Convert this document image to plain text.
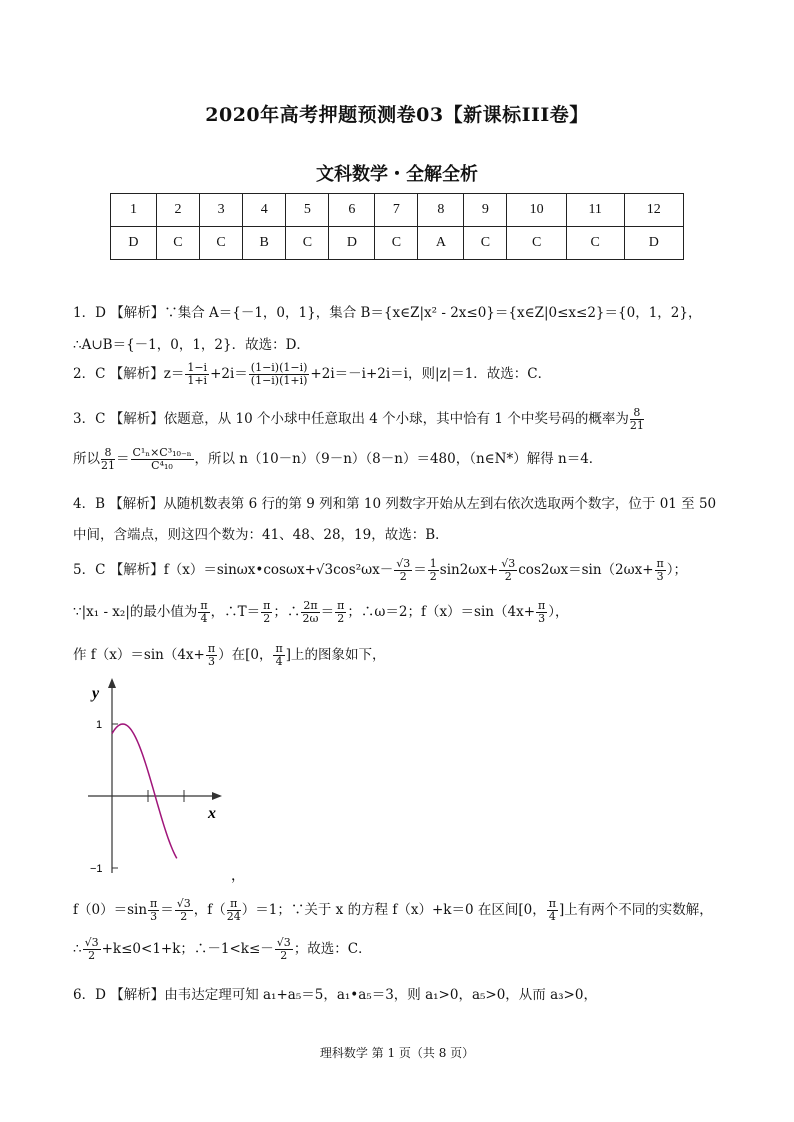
2020年高考押题预测卷03【新课标III卷】
文科数学・全解全析
1	2	3	4	5	6	7	8	9	10	11	12
D	C	C	B	C	D	C	A	C	C	C	D
1．D 【解析】∵集合 A＝{－1，0，1}，集合 B＝{x∈Z|x² - 2x≤0}＝{x∈Z|0≤x≤2}＝{0，1，2}，
∴A∪B＝{－1，0，1，2}．故选：D．
2．C 【解析】$z= \frac{1-i}{1+i} +2i= \frac{(1-i)(1-i)}{(1-i)(1+i)} +2i=-i+2i=i$，则|z|＝1．故选：C．
3．C 【解析】依题意，从 10 个小球中任意取出 4 个小球，其中恰有 1 个中奖号码的概率为 $\frac{8}{21}$
所以 $\frac{8}{21} = \frac{\text{C¹ₙ×C³₁₀₋ₙ}}{\text{C⁴₁₀}}$ ，所以 n（10－n）（9－n）（8－n）＝480，（n∈N*）解得 n＝4．
4．B 【解析】从随机数表第 6 行的第 9 列和第 10 列数字开始从左到右依次选取两个数字，位于 01 至 50
中间，含端点，则这四个数为：41、48、28，19，故选：B．
5．C 【解析】f（x）＝sinωx•cosωx+√3cos²ωx－ $\frac{√3}{2} = \frac{1}{2} \sin 2\omega x+ \frac{√3}{2} \cos 2\omega x=\sin(2\omega x+ \frac{\pi}{3}$ ）；
∵|x₁ - x₂|的最小值为 $\frac{\pi}{4}$ ，∴T＝ $\frac{\pi}{2}$ ；∴ $\frac{2\pi}{2\omega} = \frac{\pi}{2}$ ；∴ω＝2；$f(x)=\sin(4x+ \frac{\pi}{3}$ ），
作 $f(x)=\sin(4x+ \frac{\pi}{3}$ ）在[0， $\frac{\pi}{4}$ ]上的图象如下，
y
x
1
−1	，
$f(0)=\sin \frac{\pi}{3} = \frac{√3}{2}$ ，$f( \frac{\pi}{24} )=1$；∵关于 x 的方程 f（x）+k＝0 在区间[0， $\frac{\pi}{4}$ ]上有两个不同的实数解，
∴ $\frac{√3}{2} +k\le 0<1+k$；∴－1<k≤－ $\frac{√3}{2}$ ；故选：C．
6．D 【解析】由韦达定理可知 a₁+a₅＝5，a₁•a₅＝3，则 a₁>0，a₅>0，从而 a₃>0，
理科数学 第 1 页（共 8 页）
